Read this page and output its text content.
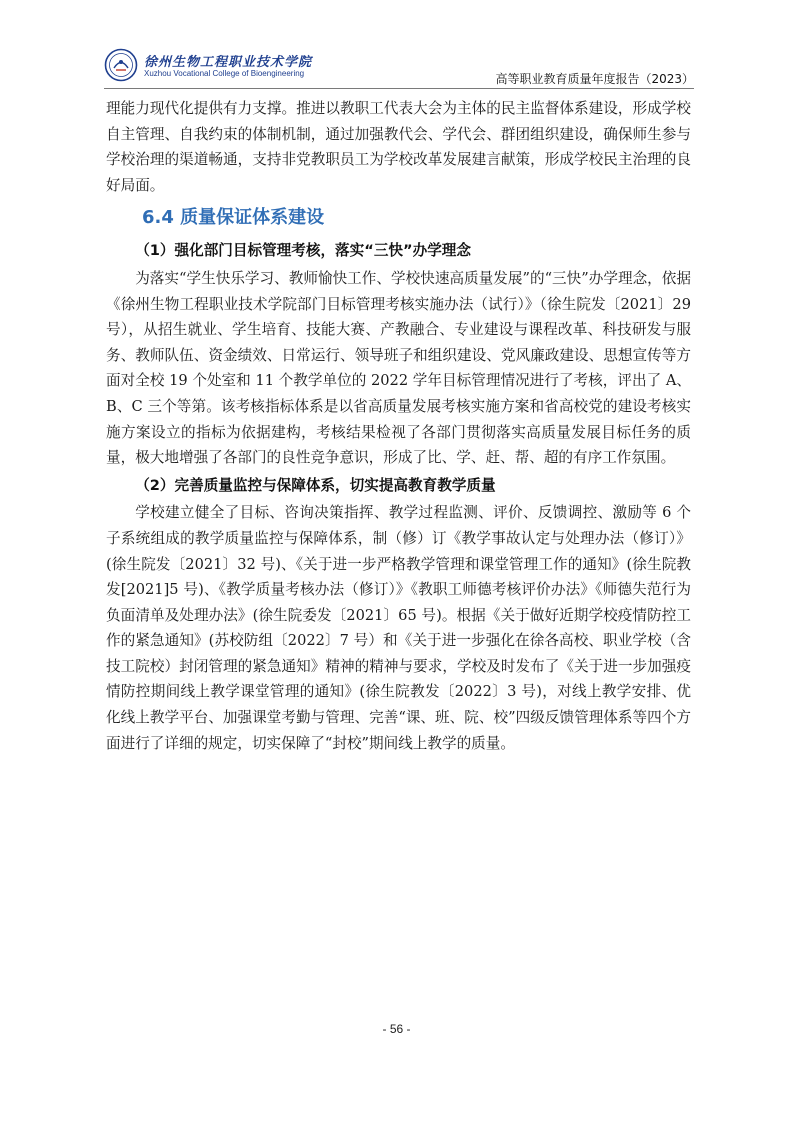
徐州生物工程职业技术学院
Xuzhou Vocational College of Bioengineering	高等职业教育质量年度报告（2023）

理能力现代化提供有力支撑。推进以教职工代表大会为主体的民主监督体系建设，形成学校自主管理、自我约束的体制机制，通过加强教代会、学代会、群团组织建设，确保师生参与学校治理的渠道畅通，支持非党教职员工为学校改革发展建言献策，形成学校民主治理的良好局面。

6.4 质量保证体系建设
（1）强化部门目标管理考核，落实“三快”办学理念

为落实“学生快乐学习、教师愉快工作、学校快速高质量发展”的“三快”办学理念，依据《徐州生物工程职业技术学院部门目标管理考核实施办法（试行）》（徐生院发〔2021〕29 号），从招生就业、学生培育、技能大赛、产教融合、专业建设与课程改革、科技研发与服务、教师队伍、资金绩效、日常运行、领导班子和组织建设、党风廉政建设、思想宣传等方面对全校 19 个处室和 11 个教学单位的 2022 学年目标管理情况进行了考核，评出了 A、B、C 三个等第。该考核指标体系是以省高质量发展考核实施方案和省高校党的建设考核实施方案设立的指标为依据建构，考核结果检视了各部门贯彻落实高质量发展目标任务的质量，极大地增强了各部门的良性竞争意识，形成了比、学、赶、帮、超的有序工作氛围。

（2）完善质量监控与保障体系，切实提高教育教学质量

学校建立健全了目标、咨询决策指挥、教学过程监测、评价、反馈调控、激励等 6 个子系统组成的教学质量监控与保障体系，制（修）订《教学事故认定与处理办法（修订）》(徐生院发〔2021〕32 号)、《关于进一步严格教学管理和课堂管理工作的通知》(徐生院教发[2021]5 号)、《教学质量考核办法（修订）》《教职工师德考核评价办法》《师德失范行为负面清单及处理办法》(徐生院委发〔2021〕65 号)。根据《关于做好近期学校疫情防控工作的紧急通知》(苏校防组〔2022〕7 号）和《关于进一步强化在徐各高校、职业学校（含技工院校）封闭管理的紧急通知》精神的精神与要求，学校及时发布了《关于进一步加强疫情防控期间线上教学课堂管理的通知》(徐生院教发〔2022〕3 号)，对线上教学安排、优化线上教学平台、加强课堂考勤与管理、完善“课、班、院、校”四级反馈管理体系等四个方面进行了详细的规定，切实保障了“封校”期间线上教学的质量。

- 56 -
